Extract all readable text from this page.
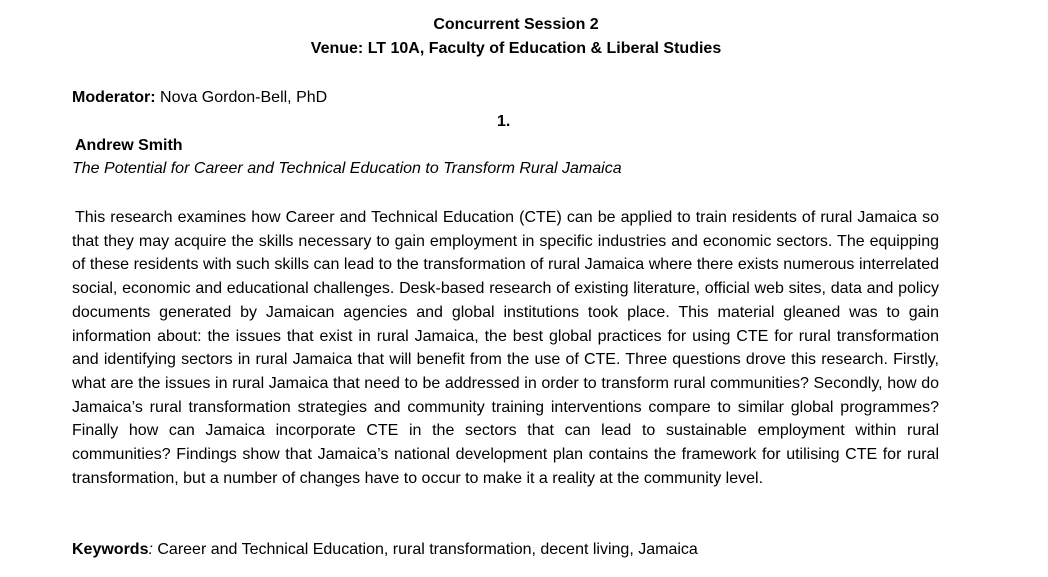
Concurrent Session 2
Venue: LT 10A, Faculty of Education & Liberal Studies
Moderator: Nova Gordon-Bell, PhD
1.
Andrew Smith
The Potential for Career and Technical Education to Transform Rural Jamaica

This research examines how Career and Technical Education (CTE) can be applied to train residents of rural Jamaica so that they may acquire the skills necessary to gain employment in specific industries and economic sectors. The equipping of these residents with such skills can lead to the transformation of rural Jamaica where there exists numerous interrelated social, economic and educational challenges. Desk-based research of existing literature, official web sites, data and policy documents generated by Jamaican agencies and global institutions took place. This material gleaned was to gain information about: the issues that exist in rural Jamaica, the best global practices for using CTE for rural transformation and identifying sectors in rural Jamaica that will benefit from the use of CTE. Three questions drove this research. Firstly, what are the issues in rural Jamaica that need to be addressed in order to transform rural communities? Secondly, how do Jamaica’s rural transformation strategies and community training interventions compare to similar global programmes? Finally how can Jamaica incorporate CTE in the sectors that can lead to sustainable employment within rural communities? Findings show that Jamaica’s national development plan contains the framework for utilising CTE for rural transformation, but a number of changes have to occur to make it a reality at the community level.

Keywords: Career and Technical Education, rural transformation, decent living, Jamaica
